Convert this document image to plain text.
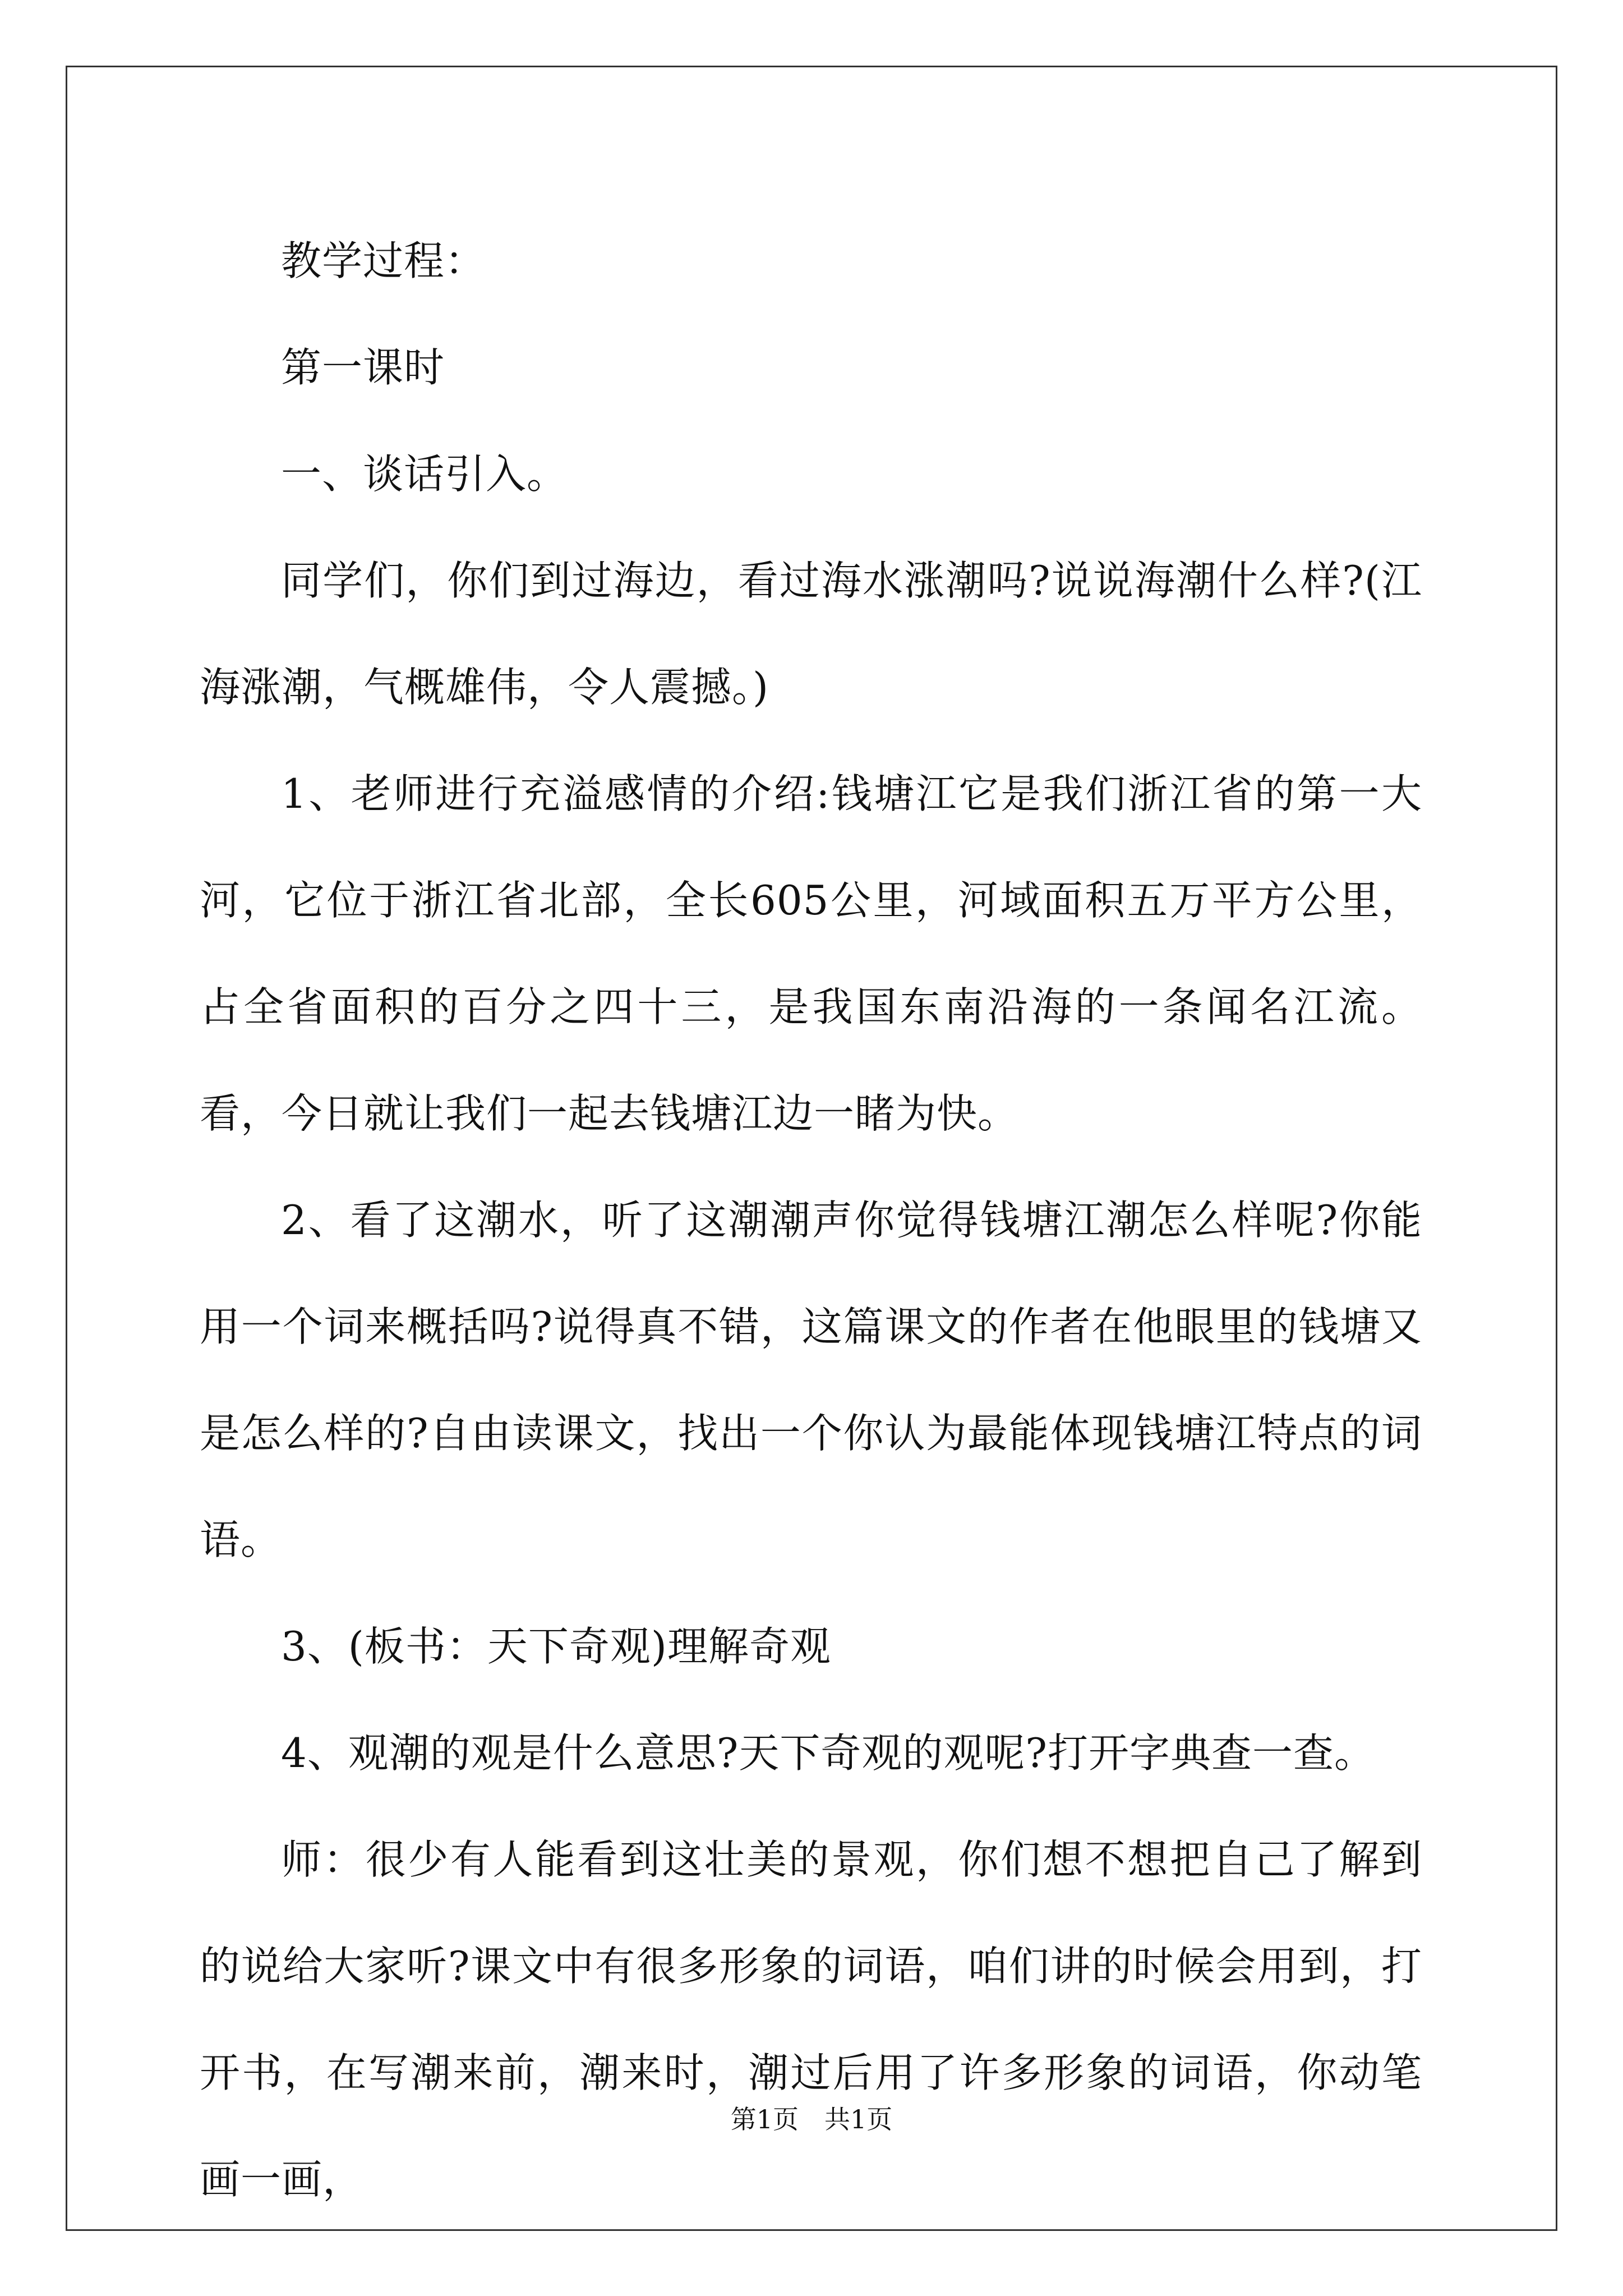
教学过程：

第一课时

一、谈话引入。

同学们，你们到过海边，看过海水涨潮吗?说说海潮什么样?(江海涨潮，气概雄伟，令人震撼。)

1、老师进行充溢感情的介绍:钱塘江它是我们浙江省的第一大河，它位于浙江省北部，全长605公里，河域面积五万平方公里，占全省面积的百分之四十三，是我国东南沿海的一条闻名江流。看，今日就让我们一起去钱塘江边一睹为快。

2、看了这潮水，听了这潮潮声你觉得钱塘江潮怎么样呢?你能用一个词来概括吗?说得真不错，这篇课文的作者在他眼里的钱塘又是怎么样的?自由读课文，找出一个你认为最能体现钱塘江特点的词语。

3、(板书：天下奇观)理解奇观

4、观潮的观是什么意思?天下奇观的观呢?打开字典查一查。

师：很少有人能看到这壮美的景观，你们想不想把自己了解到的说给大家听?课文中有很多形象的词语，咱们讲的时候会用到，打开书，在写潮来前，潮来时，潮过后用了许多形象的词语，你动笔画一画，

第1页　共1页
